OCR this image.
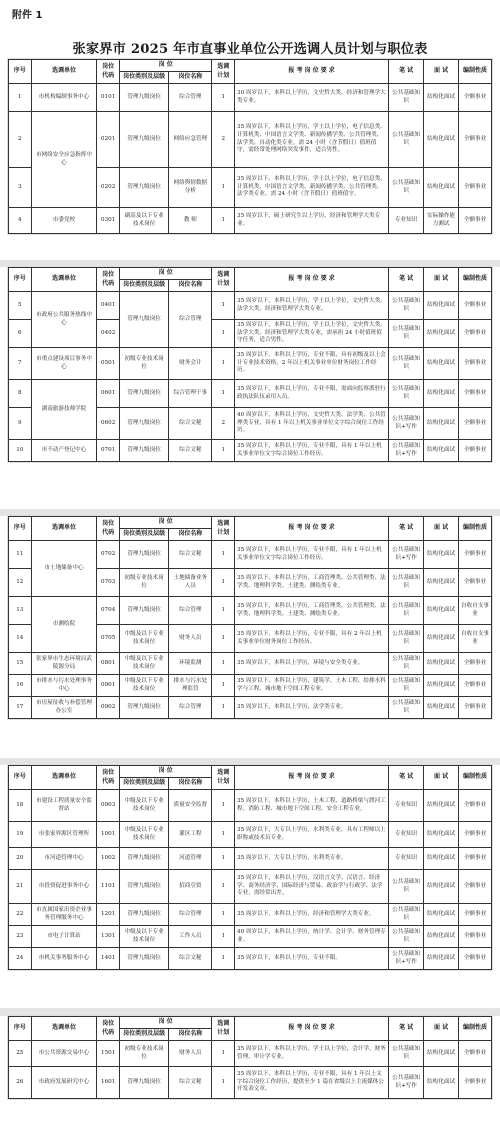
附件 1
张家界市 2025 年市直事业单位公开选调人员计划与职位表
序号	选调单位	岗位代码	岗 位		选调计划	报 考 岗 位 要 求	笔 试	面 试	编制性质
			岗位类别及层级	岗位名称					
1	市机构编制事务中心	0101	管理九级岗位	综合管理	1	30 周岁以下，本科以上学历，文史哲大类、经济和管理学大类专业。	公共基础知识	结构化面试	全额事业
2	市网络安全应急指挥中心	0201	管理九级岗位	网络应急管理	2	35 周岁以下，本科以上学历，学士以上学位，电子信息类、计算机类、中国语言文学类、新闻传播学类、公共管理类、法学类、自动化类专业。需 24 小时（含节假日）值班值守，需经常处理网络突发事件，适合男性。	公共基础知识	结构化面试	全额事业
3		0202	管理九级岗位	网络舆情数据分析	1	35 周岁以下，本科以上学历，学士以上学位，电子信息类、计算机类、中国语言文学类、新闻传播学类、公共管理类、法学类专业。需 24 小时（含节假日）值班值守。	公共基础知识	结构化面试	全额事业
4	市委党校	0301	副高及以下专业技术岗位	教 师	1	35 周岁以下，硕士研究生以上学历，经济和管理学大类专业。	专业知识	实际操作能力测试	全额事业
序号	选调单位	岗位代码	岗 位		选调计划	报 考 岗 位 要 求	笔 试	面 试	编制性质
			岗位类别及层级	岗位名称					
5	市政府公共服务热线中心	0401	管理九级岗位	综合管理	1	35 周岁以下，本科以上学历，学士以上学位，文史哲大类、法学大类、经济和管理学大类专业。	公共基础知识	结构化面试	全额事业
6		0402			1	35 周岁以下，本科以上学历，学士以上学位，文史哲大类、法学大类、经济和管理学大类专业，需承担 24 小时值班值守任务，适合男性。	公共基础知识	结构化面试	全额事业
7	市重点建设项目事务中心	0501	初级专业技术岗位	财务会计	1	35 周岁以下，本科以上学历，专业不限，具有初级及以上会计专业技术资格，2 年以上机关事业单位财务岗位工作经历。	公共基础知识	结构化面试	全额事业
8	湖南旅游技师学院	0601	管理九级岗位	综合管理干事	1	35 周岁以下，本科以上学历，专业不限，需面向监察派驻行政执法队伍录用人员。	公共基础知识	结构化面试	全额事业
9		0602	管理九级岗位	综合文秘	2	40 周岁以下，本科以上学历，文史哲大类、法学类、公共管理类专业，具有 1 年以上机关事业单位文字综合岗位工作经历。	公共基础知识+写作	结构化面试	全额事业
10	市不动产登记中心	0701	管理九级岗位	综合文秘	1	35 周岁以下，本科以上学历，专业不限，具有 1 年以上机关事业单位文字综合岗位工作经历。	公共基础知识+写作	结构化面试	全额事业
序号	选调单位	岗位代码	岗 位		选调计划	报 考 岗 位 要 求	笔 试	面 试	编制性质
			岗位类别及层级	岗位名称					
11	市土地储备中心	0702	管理九级岗位	综合文秘	1	35 周岁以下，本科以上学历，专业不限，具有 1 年以上机关事业单位文字综合岗位工作经历。	公共基础知识+写作	结构化面试	全额事业
12		0703	初级专业技术岗位	土地储备业务人员	1	35 周岁以下，本科以上学历，工商管理类、公共管理类、法学类、地理科学类、土建类、测绘类专业。	公共基础知识	结构化面试	全额事业
13	市测绘院	0704	管理九级岗位	综合管理	1	35 周岁以下，本科以上学历，工商管理类、公共管理类、法学类、地理科学类、土建类、测绘类专业。	公共基础知识	结构化面试	自收自支事业
14		0705	中级及以下专业技术岗位	财务人员	1	35 周岁以下，本科以上学历，专业不限，具有 2 年以上机关事业单位财务岗位工作经历。	公共基础知识	结构化面试	自收自支事业
15	张家界市生态环境局武陵源分局	0801	中级及以下专业技术岗位	环境监测	1	35 周岁以下，本科以上学历，环境与安全类专业。	公共基础知识	结构化面试	全额事业
16	市排水与污水处理事务中心	0901	中级及以下专业技术岗位	排水与污水处理监管	1	35 周岁以下，本科以上学历，建筑学、土木工程、给排水科学与工程、城市地下空间工程专业。	公共基础知识	结构化面试	全额事业
17	市房屋征收与补偿管理办公室	0902	管理九级岗位	综合管理	1	35 周岁以下，本科以上学历，法学类专业。	公共基础知识	结构化面试	全额事业
序号	选调单位	岗位代码	岗 位		选调计划	报 考 岗 位 要 求	笔 试	面 试	编制性质
			岗位类别及层级	岗位名称					
18	市建设工程质量安全监督站	0903	中级及以下专业技术岗位	质量安全监督	1	35 周岁以下，本科以上学历，土木工程、道路桥梁与渡河工程、消防工程、城市地下空间工程、安全工程专业。	专业知识	结构化面试	全额事业
19	市张家界源区管理所	1001	中级及以下专业技术岗位	灌区工程	1	35 周岁以下，大专以上学历，水利类专业，具有工程师以上职称或技术员专业。	专业知识	结构化面试	全额事业
20	市河道管理中心	1002	管理九级岗位	河道管理	1	35 周岁以下，大专以上学历，水利类专业。	专业知识	结构化面试	全额事业
21	市投资促进事务中心	1101	管理九级岗位	招商引资	1	35 周岁以下，本科以上学历，汉语言文学、汉语言、经济学、商务经济学、国际经济与贸易、政治学与行政学、法学专业，需经常出差。	公共基础知识	结构化面试	全额事业
22	市直属国家出资企业事务管理服务中心	1201	管理九级岗位	综合管理	1	35 周岁以下，本科以上学历，经济和管理学大类专业。	公共基础知识	结构化面试	全额事业
23	市电子计算站	1301	中级及以下专业技术岗位	工作人员	1	40 周岁以下，本科以上学历，统计学、会计学、财务管理专业。	公共基础知识	结构化面试	全额事业
24	市机关事务服务中心	1401	管理九级岗位	综合文秘	1	35 周岁以下，本科以上学历，专业不限。	公共基础知识+写作	结构化面试	全额事业
序号	选调单位	岗位代码	岗 位		选调计划	报 考 岗 位 要 求	笔 试	面 试	编制性质
			岗位类别及层级	岗位名称					
25	市公共资源交易中心	1501	初级专业技术岗位	财务人员	1	35 周岁以下，本科以上学历，学士以上学位，会计学、财务管理、审计学专业。	公共基础知识	结构化面试	全额事业
26	市政府发展研究中心	1601	管理九级岗位	综合文秘	1	35 周岁以下，本科以上学历，专业不限，具有 1 年以上文字综合岗位工作经历，提供至少 1 篇在省级以上主流媒体公开发表文章。	公共基础知识+写作	结构化面试	全额事业
